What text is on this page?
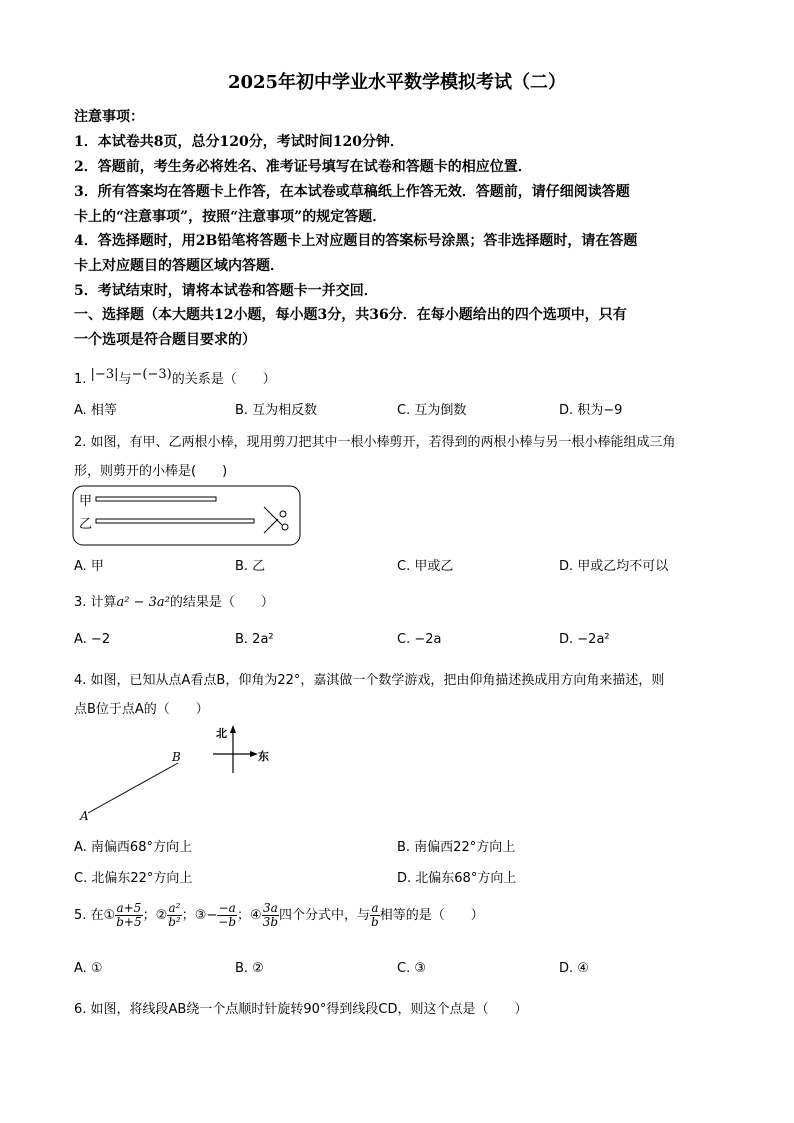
2025年初中学业水平数学模拟考试（二）
注意事项：
1．本试卷共8页，总分120分，考试时间120分钟．
2．答题前，考生务必将姓名、准考证号填写在试卷和答题卡的相应位置．
3．所有答案均在答题卡上作答，在本试卷或草稿纸上作答无效．答题前，请仔细阅读答题
卡上的“注意事项”，按照“注意事项”的规定答题．
4．答选择题时，用2B铅笔将答题卡上对应题目的答案标号涂黑；答非选择题时，请在答题
卡上对应题目的答题区域内答题．
5．考试结束时，请将本试卷和答题卡一并交回．
一、选择题（本大题共12小题，每小题3分，共36分．在每小题给出的四个选项中，只有
一个选项是符合题目要求的）
1. |−3|与−(−3)的关系是（　　）
A. 相等	B. 互为相反数	C. 互为倒数	D. 积为−9
2. 如图，有甲、乙两根小棒，现用剪刀把其中一根小棒剪开，若得到的两根小棒与另一根小棒能组成三角
形，则剪开的小棒是(　　)
甲
乙
A. 甲	B. 乙	C. 甲或乙	D. 甲或乙均不可以
3. 计算a² − 3a²的结果是（　　）
A. −2	B. 2a²	C. −2a	D. −2a²
4. 如图，已知从点A看点B，仰角为22°，嘉淇做一个数学游戏，把由仰角描述换成用方向角来描述，则
点B位于点A的（　　）
北
东
A
B
A. 南偏西68°方向上	B. 南偏西22°方向上
C. 北偏东22°方向上	D. 北偏东68°方向上
5. 在① $\frac{a+5}{b+5}$ ；② $\frac{\text{a²}}{\text{b²}}$ ；③− $\frac{-a}{-b}$ ；④ $\frac{3a}{3b}$ 四个分式中，与 $\frac{a}{b}$ 相等的是（　　）
A. ①	B. ②	C. ③	D. ④
6. 如图，将线段AB绕一个点顺时针旋转90°得到线段CD，则这个点是（　　）
